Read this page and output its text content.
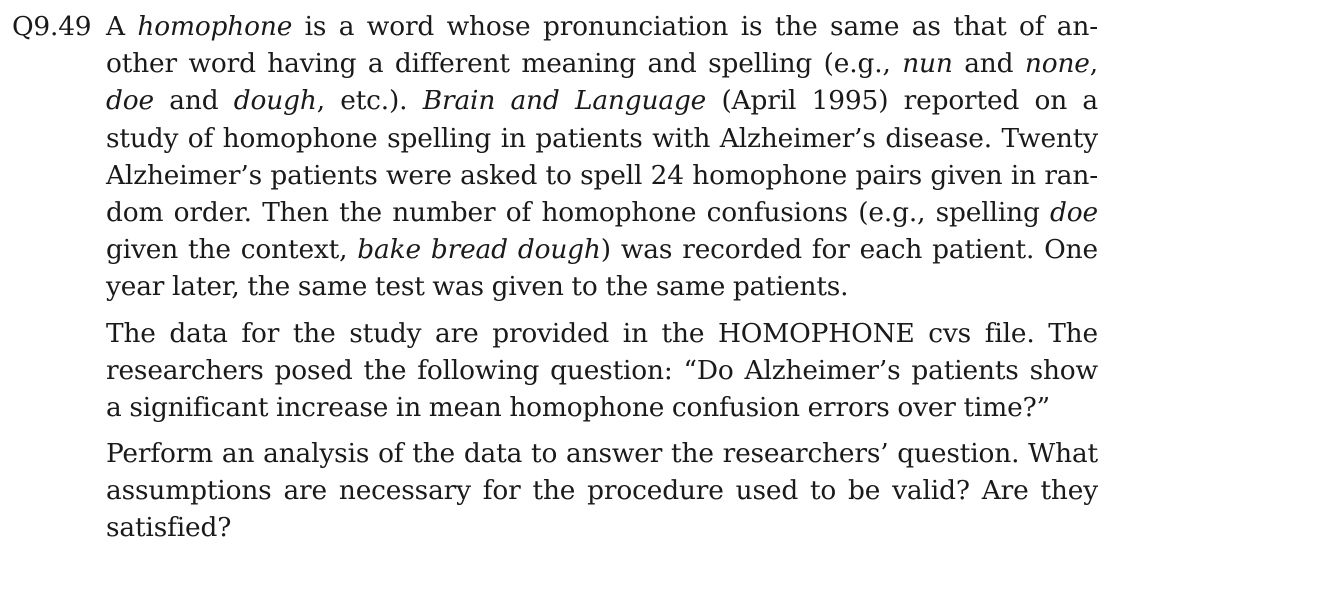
Q9.49 A homophone is a word whose pronunciation is the same as that of an-
other word having a different meaning and spelling (e.g., nun and none,
doe and dough, etc.). Brain and Language (April 1995) reported on a
study of homophone spelling in patients with Alzheimer’s disease. Twenty
Alzheimer’s patients were asked to spell 24 homophone pairs given in ran-
dom order. Then the number of homophone confusions (e.g., spelling doe
given the context, bake bread dough) was recorded for each patient. One
year later, the same test was given to the same patients.
The data for the study are provided in the HOMOPHONE cvs file. The
researchers posed the following question: “Do Alzheimer’s patients show
a significant increase in mean homophone confusion errors over time?”
Perform an analysis of the data to answer the researchers’ question. What
assumptions are necessary for the procedure used to be valid? Are they
satisfied?
